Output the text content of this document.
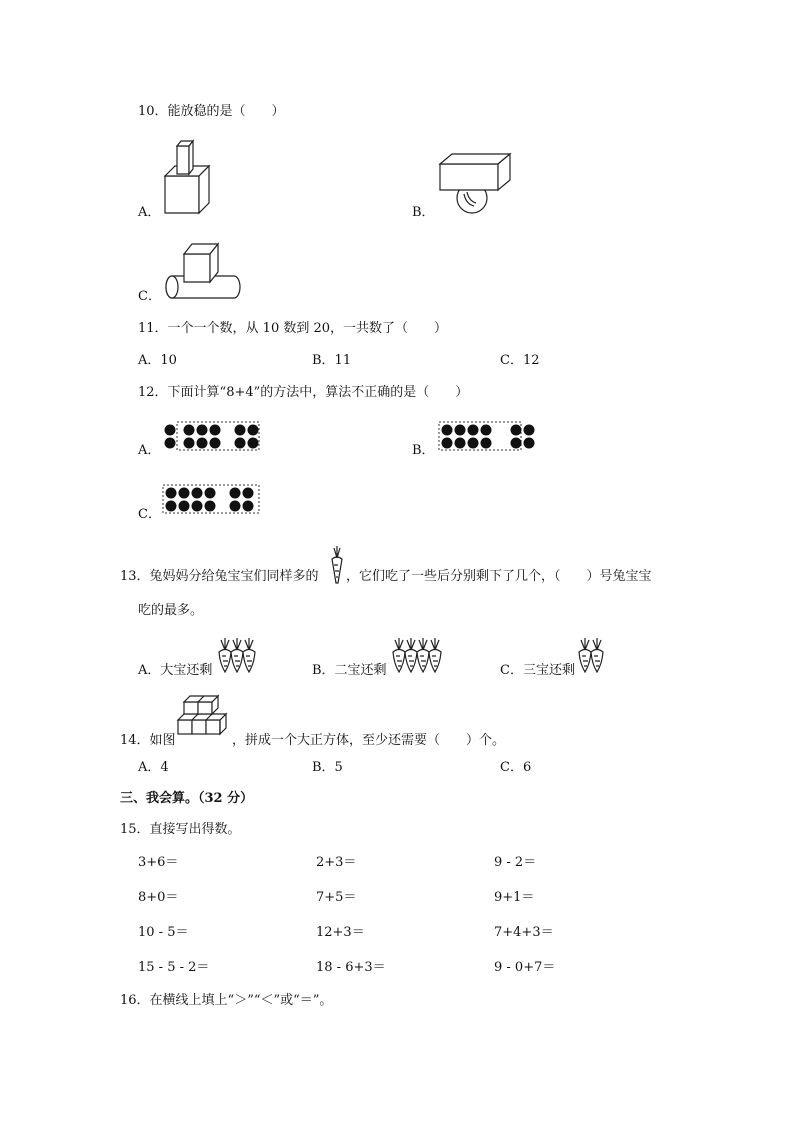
10．能放稳的是（　　）
A．	B．
C．
11．一个一个数，从 10 数到 20，一共数了（　　）
A．10	B．11	C．12
12．下面计算“8+4”的方法中，算法不正确的是（　　）
A．	B．
C．
13．兔妈妈分给兔宝宝们同样多的 ，它们吃了一些后分别剩下了几个，（　　）号兔宝宝
吃的最多。
A．大宝还剩	B．二宝还剩	C．三宝还剩
14．如图	，拼成一个大正方体，至少还需要（　　）个。
A．4	B．5	C．6
三、我会算。（32 分）
15．直接写出得数。
3+6＝	2+3＝	9 - 2＝
8+0＝	7+5＝	9+1＝
10 - 5＝	12+3＝	7+4+3＝
15 - 5 - 2＝	18 - 6+3＝	9 - 0+7＝
16．在横线上填上“＞”“＜”或“＝”。
